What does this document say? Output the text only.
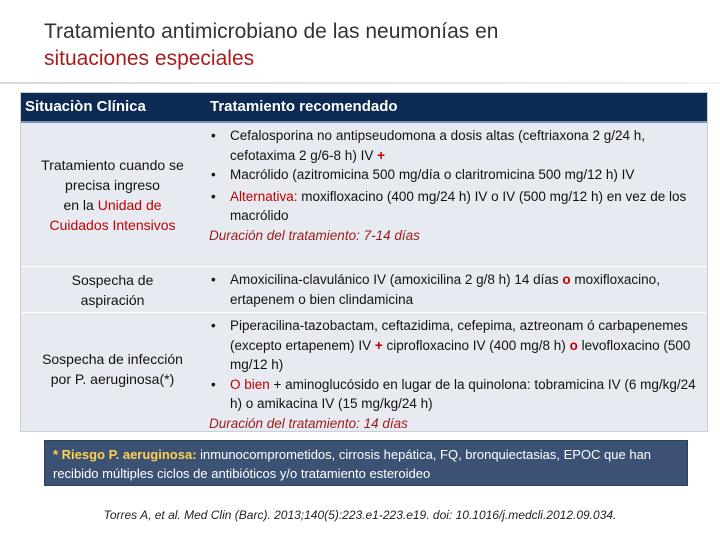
Tratamiento antimicrobiano de las neumonías en
situaciones especiales
Situaciòn Clínica	Tratamiento recomendado
Tratamiento cuando se
precisa ingreso
en la Unidad de
Cuidados Intensivos
• Cefalosporina no antipseudomona a dosis altas (ceftriaxona 2 g/24 h, cefotaxima 2 g/6-8 h) IV +
• Macrólido (azitromicina 500 mg/día o claritromicina 500 mg/12 h) IV
• Alternativa: moxifloxacino (400 mg/24 h) IV o IV (500 mg/12 h) en vez de los macrólido
Duración del tratamiento: 7-14 días
Sospecha de
aspiración
• Amoxicilina-clavulánico IV (amoxicilina 2 g/8 h) 14 días o moxifloxacino, ertapenem o bien clindamicina
Sospecha de infección
por P. aeruginosa(*)
• Piperacilina-tazobactam, ceftazidima, cefepima, aztreonam ó carbapenemes (excepto ertapenem) IV + ciprofloxacino IV (400 mg/8 h) o levofloxacino (500 mg/12 h)
• O bien + aminoglucósido en lugar de la quinolona: tobramicina IV (6 mg/kg/24 h) o amikacina IV (15 mg/kg/24 h)
Duración del tratamiento: 14 días
* Riesgo P. aeruginosa: inmunocomprometidos, cirrosis hepática, FQ, bronquiectasias, EPOC que han recibido múltiples ciclos de antibióticos y/o tratamiento esteroideo
Torres A, et al. Med Clin (Barc). 2013;140(5):223.e1-223.e19. doi: 10.1016/j.medcli.2012.09.034.
